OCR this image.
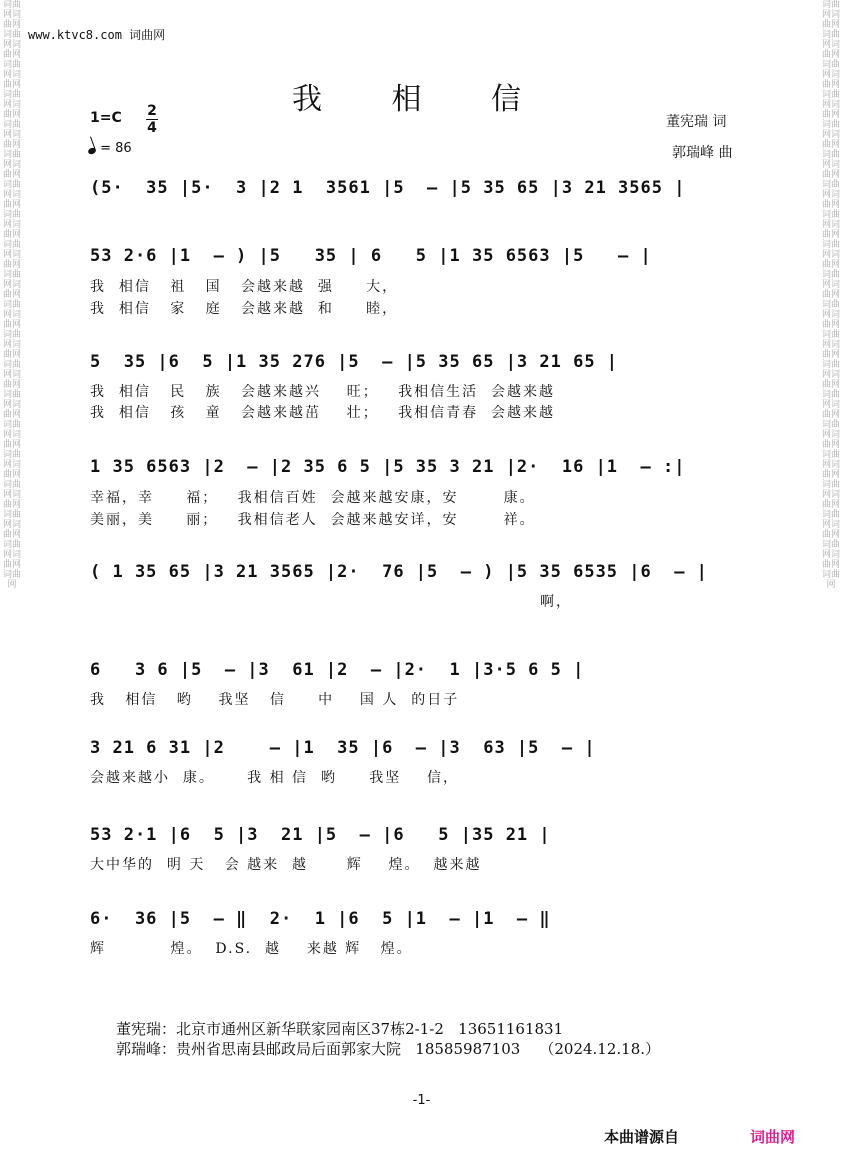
词曲网词曲网词曲网词曲网词曲网词曲网词曲网词曲网词曲网词曲网词曲网词曲网词曲网词曲网词曲网词曲网词曲网词曲网词曲网词曲网词曲网词曲网词曲网词曲网词曲网词曲网词曲网词曲网词曲网词曲网词曲网词曲网词曲网词曲网词曲网词曲网词曲网词曲网词曲网
词曲网词曲网词曲网词曲网词曲网词曲网词曲网词曲网词曲网词曲网词曲网词曲网词曲网词曲网词曲网词曲网词曲网词曲网词曲网词曲网词曲网词曲网词曲网词曲网词曲网词曲网词曲网词曲网词曲网词曲网词曲网词曲网词曲网词曲网词曲网词曲网词曲网词曲网词曲网
www.ktvc8.com 词曲网
我 相 信
1=C 2
4
= 86
董宪瑞 词
郭瑞峰 曲
(5·  35 |5·  3 |2 1  3561 |5  — |5 35 65 |3 21 3565 |
53 2·6 |1  — ) |5   35 | 6   5 |1 35 6563 |5   — |
我  相信   祖   国   会越来越  强     大，
我  相信   家   庭   会越来越  和     睦，
5  35 |6  5 |1 35 276 |5  — |5 35 65 |3 21 65 |
我  相信   民   族   会越来越兴    旺；   我相信生活  会越来越
我  相信   孩   童   会越来越茁    壮；   我相信青春  会越来越
1 35 6563 |2  — |2 35 6 5 |5 35 3 21 |2·  16 |1  — :|
幸福，幸     福；   我相信百姓  会越来越安康，安       康。
美丽，美     丽；   我相信老人  会越来越安详，安       祥。
( 1 35 65 |3 21 3565 |2·  76 |5  — ) |5 35 6535 |6  — |
啊，
6   3 6 |5  — |3  61 |2  — |2·  1 |3·5 6 5 |
我   相信   哟    我坚   信     中    国 人  的日子
3 21 6 31 |2    — |1  35 |6  — |3  63 |5  — |
会越来越小  康。     我 相 信  哟     我坚    信，
53 2·1 |6  5 |3  21 |5  — |6   5 |35 21 |
大中华的  明 天   会 越来  越      辉    煌。  越来越
6·  36 |5  — ‖  2·  1 |6  5 |1  — |1  — ‖
辉          煌。  D.S.  越    来越 辉   煌。
董宪瑞：北京市通州区新华联家园南区37栋2-1-2   13651161831
郭瑞峰：贵州省思南县邮政局后面郭家大院   18585987103    （2024.12.18.）
-1-
本曲谱源自	词曲网
